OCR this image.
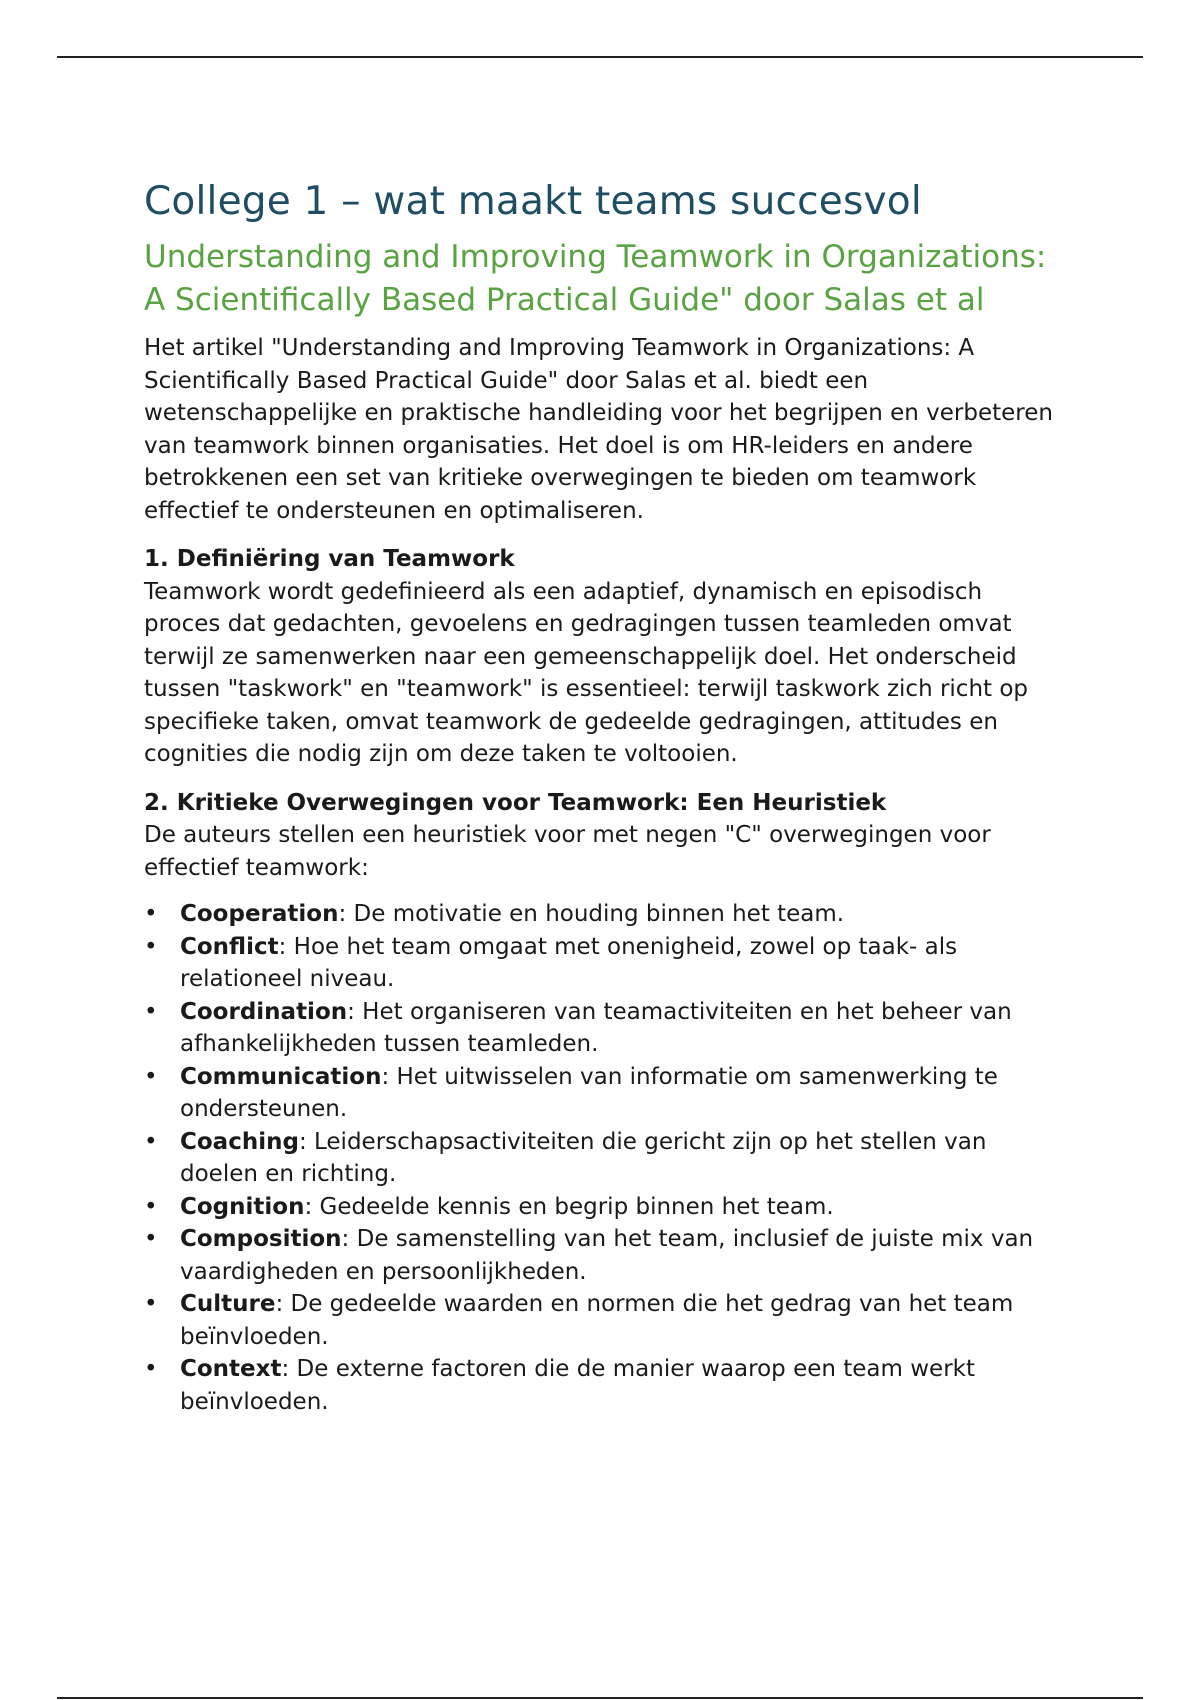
College 1 – wat maakt teams succesvol
Understanding and Improving Teamwork in Organizations: A Scientifically Based Practical Guide" door Salas et al

Het artikel "Understanding and Improving Teamwork in Organizations: A Scientifically Based Practical Guide" door Salas et al. biedt een wetenschappelijke en praktische handleiding voor het begrijpen en verbeteren van teamwork binnen organisaties. Het doel is om HR-leiders en andere betrokkenen een set van kritieke overwegingen te bieden om teamwork effectief te ondersteunen en optimaliseren.

1. Definiëring van Teamwork

Teamwork wordt gedefinieerd als een adaptief, dynamisch en episodisch proces dat gedachten, gevoelens en gedragingen tussen teamleden omvat terwijl ze samenwerken naar een gemeenschappelijk doel. Het onderscheid tussen "taskwork" en "teamwork" is essentieel: terwijl taskwork zich richt op specifieke taken, omvat teamwork de gedeelde gedragingen, attitudes en cognities die nodig zijn om deze taken te voltooien.

2. Kritieke Overwegingen voor Teamwork: Een Heuristiek

De auteurs stellen een heuristiek voor met negen "C" overwegingen voor effectief teamwork:

• Cooperation: De motivatie en houding binnen het team.
• Conflict: Hoe het team omgaat met onenigheid, zowel op taak- als relationeel niveau.
• Coordination: Het organiseren van teamactiviteiten en het beheer van afhankelijkheden tussen teamleden.
• Communication: Het uitwisselen van informatie om samenwerking te ondersteunen.
• Coaching: Leiderschapsactiviteiten die gericht zijn op het stellen van doelen en richting.
• Cognition: Gedeelde kennis en begrip binnen het team.
• Composition: De samenstelling van het team, inclusief de juiste mix van vaardigheden en persoonlijkheden.
• Culture: De gedeelde waarden en normen die het gedrag van het team beïnvloeden.
• Context: De externe factoren die de manier waarop een team werkt beïnvloeden.
